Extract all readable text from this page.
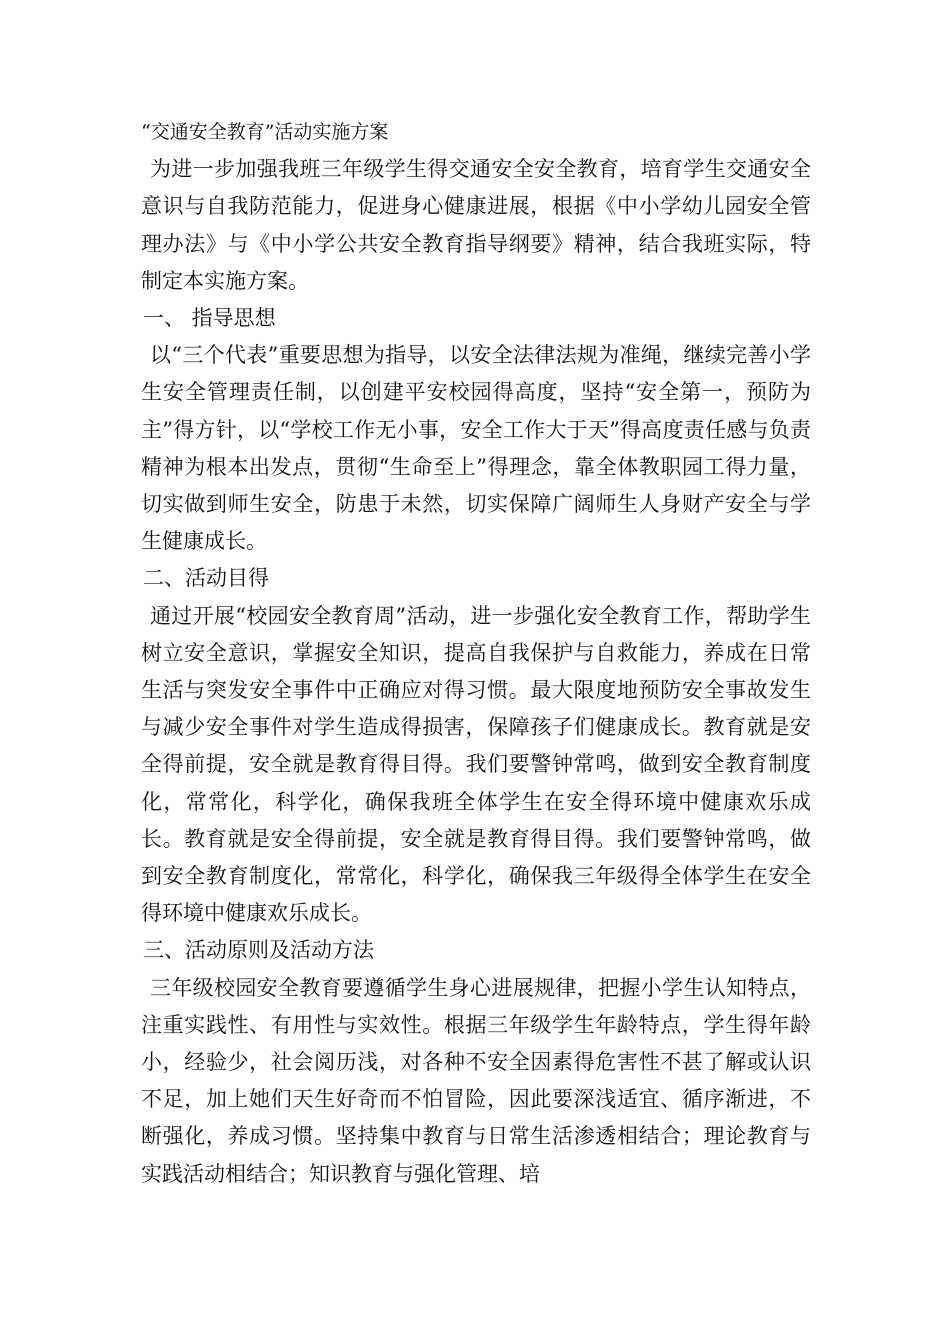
“交通安全教育”活动实施方案

为进一步加强我班三年级学生得交通安全安全教育，培育学生交通安全意识与自我防范能力，促进身心健康进展，根据《中小学幼儿园安全管理办法》与《中小学公共安全教育指导纲要》精神，结合我班实际，特制定本实施方案。

一、 指导思想

以“三个代表”重要思想为指导，以安全法律法规为准绳，继续完善小学生安全管理责任制，以创建平安校园得高度，坚持“安全第一，预防为主”得方针，以“学校工作无小事，安全工作大于天”得高度责任感与负责精神为根本出发点，贯彻“生命至上”得理念，靠全体教职园工得力量，切实做到师生安全，防患于未然，切实保障广阔师生人身财产安全与学生健康成长。

二、活动目得

通过开展“校园安全教育周”活动，进一步强化安全教育工作，帮助学生树立安全意识，掌握安全知识，提高自我保护与自救能力，养成在日常生活与突发安全事件中正确应对得习惯。最大限度地预防安全事故发生与减少安全事件对学生造成得损害，保障孩子们健康成长。教育就是安全得前提，安全就是教育得目得。我们要警钟常鸣，做到安全教育制度化，常常化，科学化，确保我班全体学生在安全得环境中健康欢乐成长。教育就是安全得前提，安全就是教育得目得。我们要警钟常鸣，做到安全教育制度化，常常化，科学化，确保我三年级得全体学生在安全得环境中健康欢乐成长。

三、活动原则及活动方法

三年级校园安全教育要遵循学生身心进展规律，把握小学生认知特点，注重实践性、有用性与实效性。根据三年级学生年龄特点，学生得年龄小，经验少，社会阅历浅，对各种不安全因素得危害性不甚了解或认识不足，加上她们天生好奇而不怕冒险，因此要深浅适宜、循序渐进，不断强化，养成习惯。坚持集中教育与日常生活渗透相结合；理论教育与实践活动相结合；知识教育与强化管理、培
